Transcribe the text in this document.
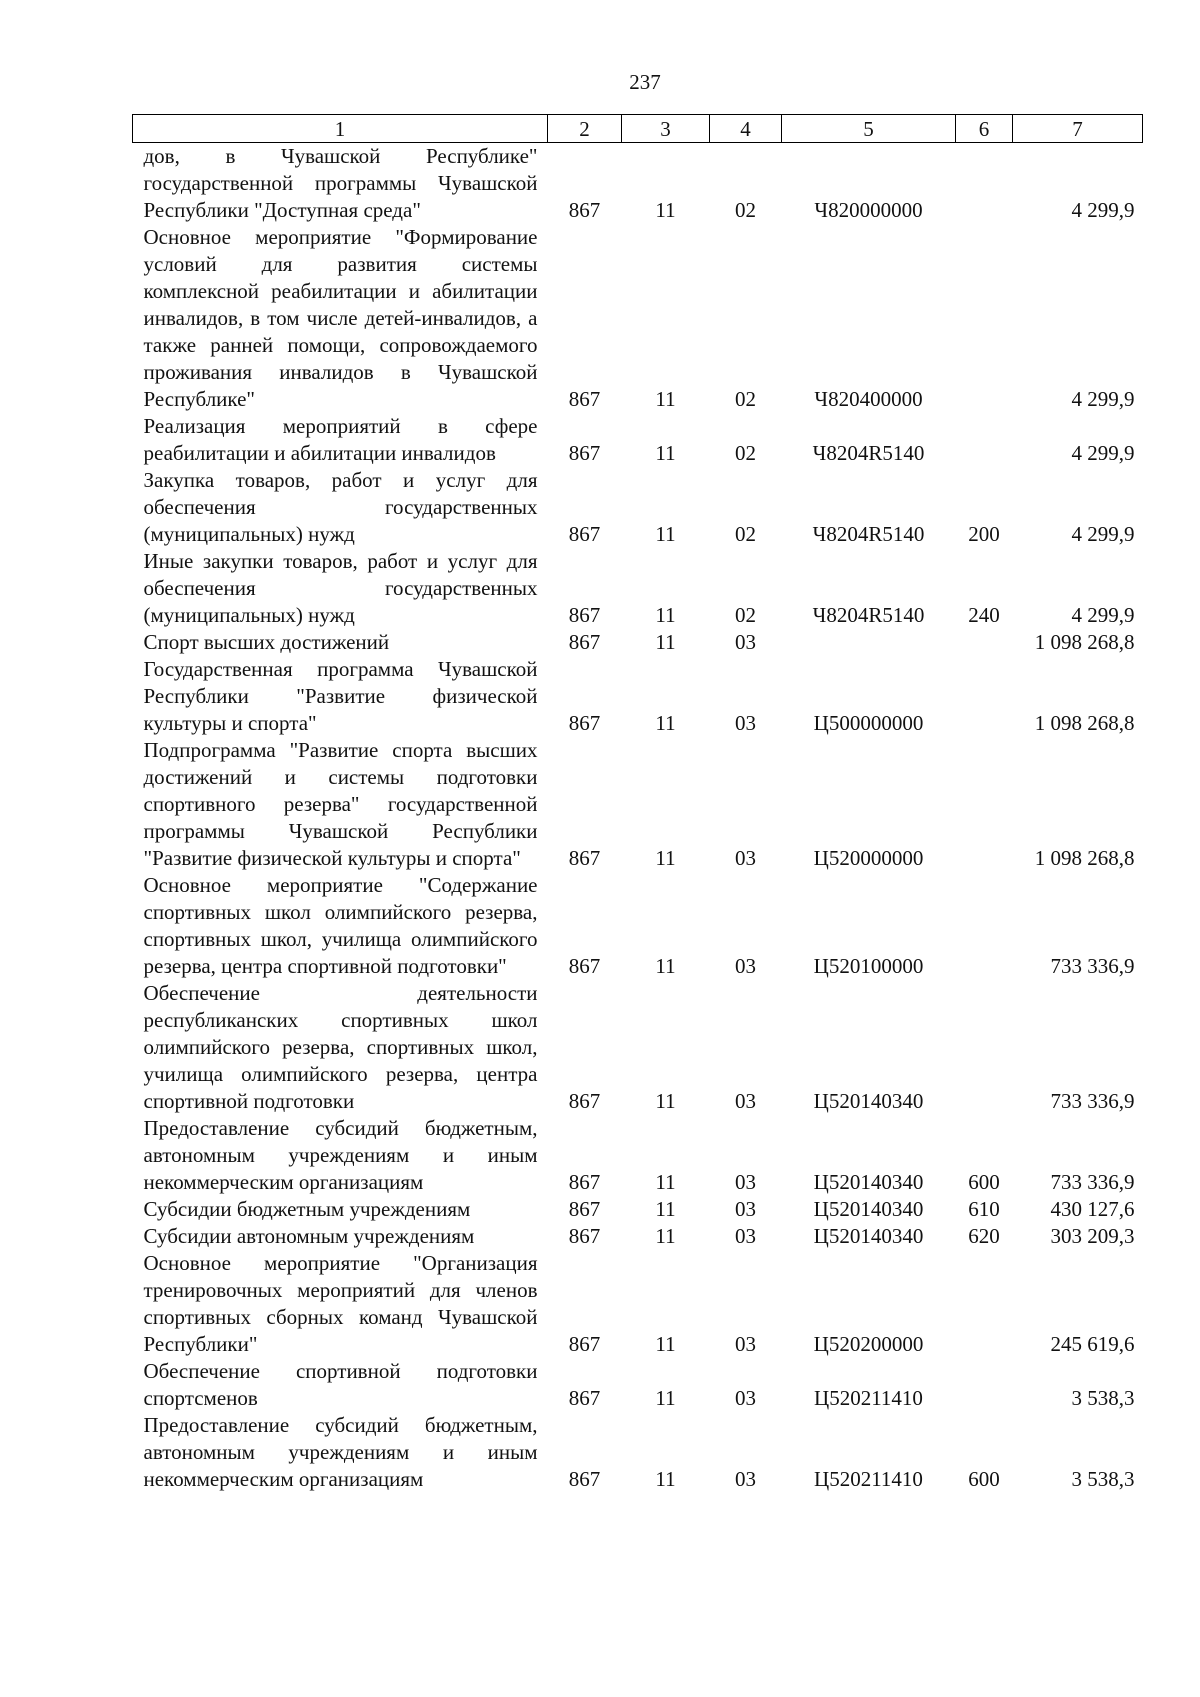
237
1	2	3	4	5	6	7
дов, в Чувашской Республике" государственной программы Чувашской Республики "Доступная среда"	867	11	02	Ч820000000		4 299,9
Основное мероприятие "Формирование условий для развития системы комплексной реабилитации и абилитации инвалидов, в том числе детей-инвалидов, а также ранней помощи, сопровождаемого проживания инвалидов в Чувашской Республике"	867	11	02	Ч820400000		4 299,9
Реализация мероприятий в сфере реабилитации и абилитации инвалидов	867	11	02	Ч8204R5140		4 299,9
Закупка товаров, работ и услуг для обеспечения государственных (муниципальных) нужд	867	11	02	Ч8204R5140	200	4 299,9
Иные закупки товаров, работ и услуг для обеспечения государственных (муниципальных) нужд	867	11	02	Ч8204R5140	240	4 299,9
Спорт высших достижений	867	11	03			1 098 268,8
Государственная программа Чувашской Республики "Развитие физической культуры и спорта"	867	11	03	Ц500000000		1 098 268,8
Подпрограмма "Развитие спорта высших достижений и системы подготовки спортивного резерва" государственной программы Чувашской Республики "Развитие физической культуры и спорта"	867	11	03	Ц520000000		1 098 268,8
Основное мероприятие "Содержание спортивных школ олимпийского резерва, спортивных школ, училища олимпийского резерва, центра спортивной подготовки"	867	11	03	Ц520100000		733 336,9
Обеспечение деятельности республиканских спортивных школ олимпийского резерва, спортивных школ, училища олимпийского резерва, центра спортивной подготовки	867	11	03	Ц520140340		733 336,9
Предоставление субсидий бюджетным, автономным учреждениям и иным некоммерческим организациям	867	11	03	Ц520140340	600	733 336,9
Субсидии бюджетным учреждениям	867	11	03	Ц520140340	610	430 127,6
Субсидии автономным учреждениям	867	11	03	Ц520140340	620	303 209,3
Основное мероприятие "Организация тренировочных мероприятий для членов спортивных сборных команд Чувашской Республики"	867	11	03	Ц520200000		245 619,6
Обеспечение спортивной подготовки спортсменов	867	11	03	Ц520211410		3 538,3
Предоставление субсидий бюджетным, автономным учреждениям и иным некоммерческим организациям	867	11	03	Ц520211410	600	3 538,3
